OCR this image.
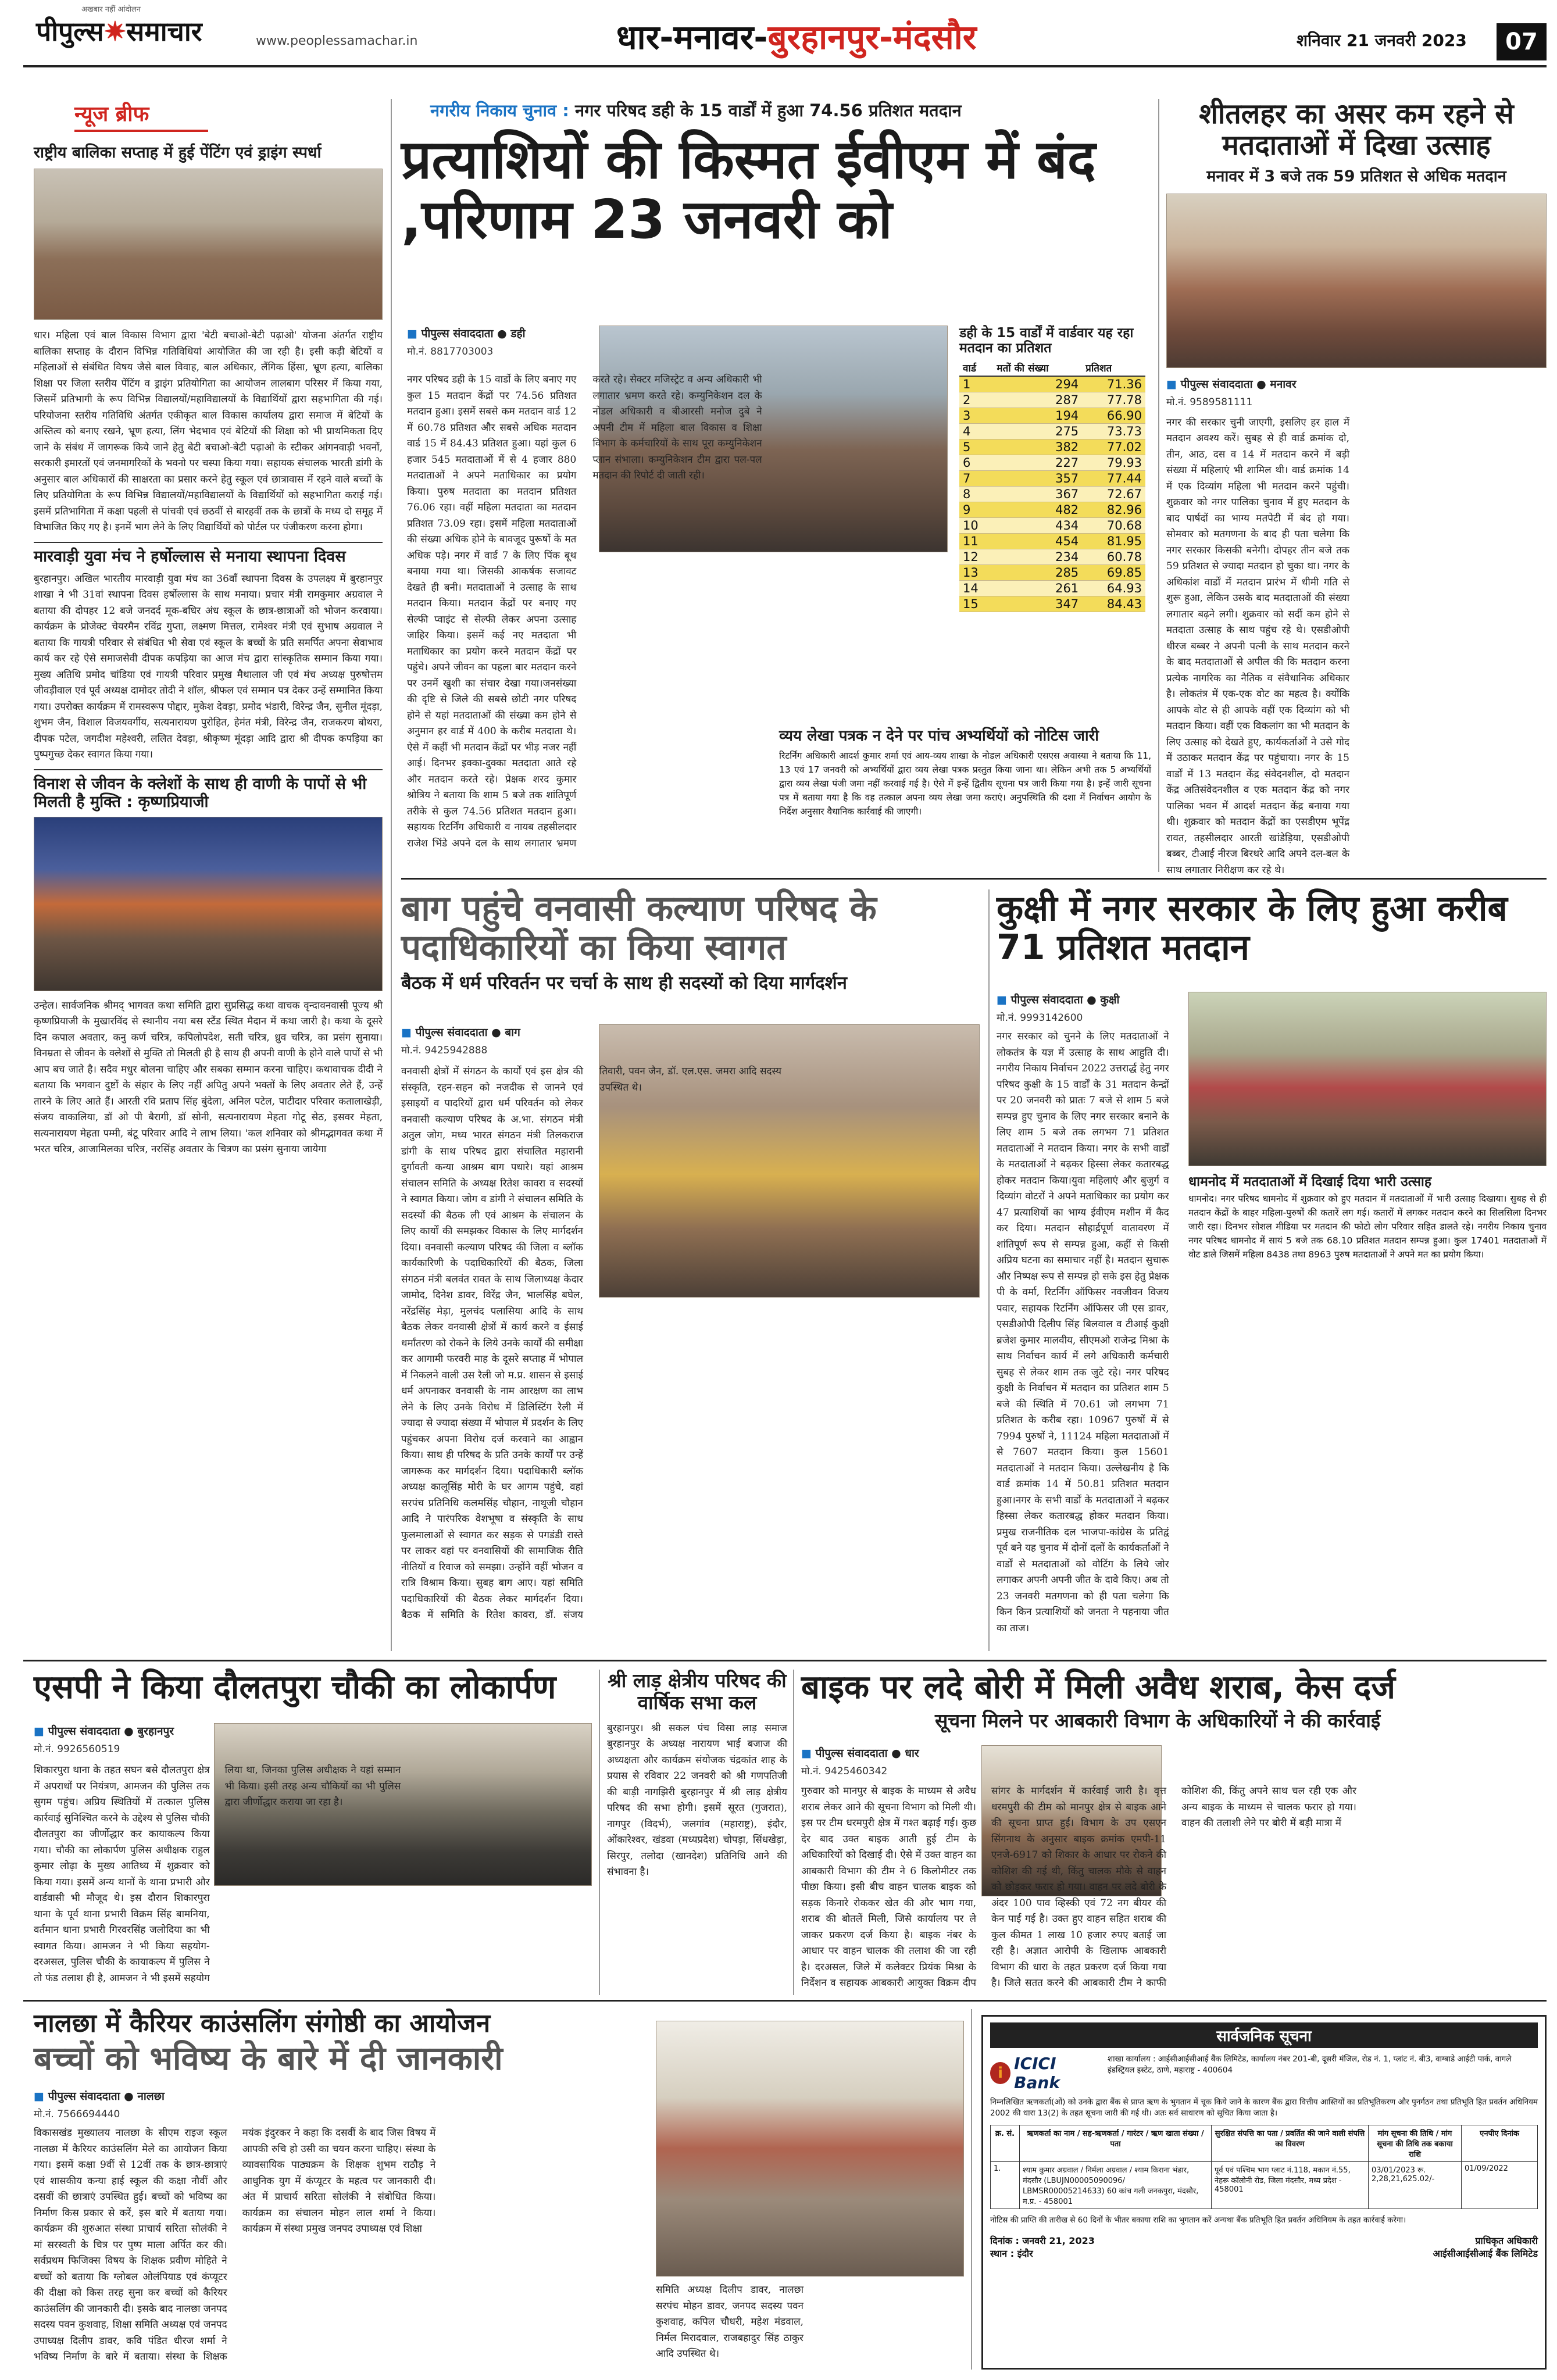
अखबार नहीं आंदोलन
पीपुल्स✷समाचार	www.peoplessamachar.in	धार-मनावर-बुरहानपुर-मंदसौर	शनिवार 21 जनवरी 2023	07
न्यूज ब्रीफ
राष्ट्रीय बालिका सप्ताह में हुई पेंटिंग एवं ड्राइंग स्पर्धा
धार। महिला एवं बाल विकास विभाग द्वारा 'बेटी बचाओ-बेटी पढ़ाओ' योजना अंतर्गत राष्ट्रीय बालिका सप्ताह के दौरान विभिन्न गतिविधियां आयोजित की जा रही है। इसी कड़ी बेटियों व महिलाओं से संबंधित विषय जैसे बाल विवाह, बाल अधिकार, लैंगिक हिंसा, भ्रूण हत्या, बालिका शिक्षा पर जिला स्तरीय पेंटिंग व ड्राइंग प्रतियोगिता का आयोजन लालबाग परिसर में किया गया, जिसमें प्रतिभागी के रूप विभिन्न विद्यालयों/महाविद्यालयों के विद्यार्थियों द्वारा सहभागिता की गई। परियोजना स्तरीय गतिविधि अंतर्गत एकीकृत बाल विकास कार्यालय द्वारा समाज में बेटियों के अस्तित्व को बनाए रखने, भ्रूण हत्या, लिंग भेदभाव एवं बेटियों की शिक्षा को भी प्राथमिकता दिए जाने के संबंध में जागरूक किये जाने हेतु बेटी बचाओ-बेटी पढ़ाओ के स्टीकर आंगनवाड़ी भवनों, सरकारी इमारतों एवं जनमागरिकों के भवनो पर चस्पा किया गया। सहायक संचालक भारती डांगी के अनुसार बाल अधिकारों की साक्षरता का प्रसार करने हेतु स्कूल एवं छात्रावास में रहने वाले बच्चों के लिए प्रतियोगिता के रूप विभिन्न विद्यालयों/महाविद्यालयों के विद्यार्थियों को सहभागिता कराई गई। इसमें प्रतिभागिता में कक्षा पहली से पांचवी एवं छठवीं से बारहवीं तक के छात्रों के मध्य दो समूह में विभाजित किए गए है। इनमें भाग लेने के लिए विद्यार्थियों को पोर्टल पर पंजीकरण करना होगा।
मारवाड़ी युवा मंच ने हर्षोल्लास से मनाया स्थापना दिवस
बुरहानपुर। अखिल भारतीय मारवाड़ी युवा मंच का 36वाँ स्थापना दिवस के उपलक्ष्य में बुरहानपुर शाखा ने भी 31वां स्थापना दिवस हर्षोल्लास के साथ मनाया। प्रचार मंत्री रामकुमार अग्रवाल ने बताया की दोपहर 12 बजे जनदर्द मूक-बधिर अंध स्कूल के छात्र-छात्राओं को भोजन करवाया। कार्यक्रम के प्रोजेक्ट चेयरमैन रविंद्र गुप्ता, लक्ष्मण मित्तल, रामेश्वर मंत्री एवं सुभाष अग्रवाल ने बताया कि गायत्री परिवार से संबंधित भी सेवा एवं स्कूल के बच्चों के प्रति समर्पित अपना सेवाभाव कार्य कर रहे ऐसे समाजसेवी दीपक कपड़िया का आज मंच द्वारा सांस्कृतिक सम्मान किया गया। मुख्य अतिथि प्रमोद चांडिया एवं गायत्री परिवार प्रमुख मैथालाल जी एवं मंच अध्यक्ष पुरुषोत्तम जीवड़ीवाल एवं पूर्व अध्यक्ष दामोदर तोदी ने शॉल, श्रीफल एवं सम्मान पत्र देकर उन्हें सम्मानित किया गया। उपरोक्त कार्यक्रम में रामस्वरूप पोद्दार, मुकेश देवड़ा, प्रमोद भंडारी, विरेन्द्र जैन, सुनील मूंदड़ा, शुभम जैन, विशाल विजयवर्गीय, सत्यनारायण पुरोहित, हेमंत मंत्री, विरेन्द्र जैन, राजकरण बोथरा, दीपक पटेल, जगदीश महेश्वरी, ललित देवड़ा, श्रीकृष्ण मूंदड़ा आदि द्वारा श्री दीपक कपड़िया का पुष्पगुच्छ देकर स्वागत किया गया।
विनाश से जीवन के क्लेशों के साथ ही वाणी के पापों से भी मिलती है मुक्ति : कृष्णप्रियाजी
उन्हेल। सार्वजनिक श्रीमद् भागवत कथा समिति द्वारा सुप्रसिद्ध कथा वाचक वृन्दावनवासी पूज्य श्री कृष्णप्रियाजी के मुखारविंद से स्थानीय नया बस स्टैंड स्थित मैदान में कथा जारी है। कथा के दूसरे दिन कपाल अवतार, कनु कर्ण चरित्र, कपिलोपदेश, सती चरित्र, ध्रुव चरित्र, का प्रसंग सुनाया। विनम्रता से जीवन के क्लेशों से मुक्ति तो मिलती ही है साथ ही अपनी वाणी के होने वाले पापों से भी आप बच जाते है। सदैव मधुर बोलना चाहिए और सबका सम्मान करना चाहिए। कथावाचक दीदी ने बताया कि भगवान दुष्टों के संहार के लिए नहीं अपितु अपने भक्तों के लिए अवतार लेते हैं, उन्हें तारने के लिए आते हैं। आरती रवि प्रताप सिंह बुंदेला, अनिल पटेल, पाटीदार परिवार कतालाखेड़ी, संजय वाकालिया, डॉ ओ पी बैरागी, डॉ सोनी, सत्यनारायण मेहता गोटू सेठ, इसवर मेहता, सत्यनारायण मेहता पम्मी, बंटू परिवार आदि ने लाभ लिया। 'कल शनिवार को श्रीमद्भागवत कथा में भरत चरित्र, आजामिलका चरित्र, नरसिंह अवतार के चित्रण का प्रसंग सुनाया जायेगा
नगरीय निकाय चुनाव : नगर परिषद डही के 15 वार्डों में हुआ 74.56 प्रतिशत मतदान
प्रत्याशियों की किस्मत ईवीएम में बंद ,परिणाम 23 जनवरी को
■ पीपुल्स संवाददाता ● डही
मो.नं. 8817703003
नगर परिषद डही के 15 वार्डो के लिए बनाए गए कुल 15 मतदान केंद्रों पर 74.56 प्रतिशत मतदान हुआ। इसमें सबसे कम मतदान वार्ड 12 में 60.78 प्रतिशत और सबसे अधिक मतदान वार्ड 15 में 84.43 प्रतिशत हुआ। यहां कुल 6 हजार 545 मतदाताओं में से 4 हजार 880 मतदाताओं ने अपने मताधिकार का प्रयोग किया। पुरुष मतदाता का मतदान प्रतिशत 76.06 रहा। वहीं महिला मतदाता का मतदान प्रतिशत 73.09 रहा। इसमें महिला मतदाताओं की संख्या अधिक होने के बावजूद पुरूषों के मत अधिक पड़े। नगर में वार्ड 7 के लिए पिंक बूथ बनाया गया था। जिसकी आकर्षक सजावट देखते ही बनी। मतदाताओं ने उत्साह के साथ मतदान किया। मतदान केंद्रों पर बनाए गए सेल्फी प्वाइंट से सेल्फी लेकर अपना उत्साह जाहिर किया। इसमें कई नए मतदाता भी मताधिकार का प्रयोग करने मतदान केंद्रों पर पहुंचे। अपने जीवन का पहला बार मतदान करने पर उनमें खुशी का संचार देखा गया।जनसंख्या की दृष्टि से जिले की सबसे छोटी नगर परिषद होने से यहां मतदाताओं की संख्या कम होने से अनुमान हर वार्ड में 400 के करीब मतदाता थे। ऐसे में कहीं भी मतदान केंद्रों पर भीड़ नजर नहीं आई। दिनभर इक्का-दुक्का मतदाता आते रहे और मतदान करते रहे। प्रेक्षक शरद कुमार श्रोत्रिय ने बताया कि शाम 5 बजे तक शांतिपूर्ण तरीके से कुल 74.56 प्रतिशत मतदान हुआ। सहायक रिटर्निंग अधिकारी व नायब तहसीलदार राजेश भिंडे अपने दल के साथ लगातार भ्रमण करते रहे। सेक्टर मजिस्ट्रेट व अन्य अधिकारी भी लगातार भ्रमण करते रहे। कम्युनिकेशन दल के नोडल अधिकारी व बीआरसी मनोज दुबे ने अपनी टीम में महिला बाल विकास व शिक्षा विभाग के कर्मचारियों के साथ पूरा कम्युनिकेशन प्लान संभाला। कम्युनिकेशन टीम द्वारा पल-पल मतदान की रिपोर्ट दी जाती रही।
डही के 15 वार्डों में वार्डवार यह रहा मतदान का प्रतिशत
वार्ड	मतों की संख्या	प्रतिशत
1	294	71.36
2	287	77.78
3	194	66.90
4	275	73.73
5	382	77.02
6	227	79.93
7	357	77.44
8	367	72.67
9	482	82.96
10	434	70.68
11	454	81.95
12	234	60.78
13	285	69.85
14	261	64.93
15	347	84.43
व्यय लेखा पत्रक न देने पर पांच अभ्यर्थियों को नोटिस जारी
रिटर्निंग अधिकारी आदर्श कुमार शर्मा एवं आय-व्यय शाखा के नोडल अधिकारी एसएस अवास्या ने बताया कि 11, 13 एवं 17 जनवरी को अभ्यर्थियों द्वारा व्यय लेखा पत्रक प्रस्तुत किया जाना था। लेकिन अभी तक 5 अभ्यर्थियों द्वारा व्यय लेखा पंजी जमा नहीं करवाई गई है। ऐसे में इन्हें द्वितीय सूचना पत्र जारी किया गया है। इन्हें जारी सूचना पत्र में बताया गया है कि वह तत्काल अपना व्यय लेखा जमा कराएं। अनुपस्थिति की दशा में निर्वाचन आयोग के निर्देश अनुसार वैधानिक कार्रवाई की जाएगी।
शीतलहर का असर कम रहने से मतदाताओं में दिखा उत्साह
मनावर में 3 बजे तक 59 प्रतिशत से अधिक मतदान
■ पीपुल्स संवाददाता ● मनावर
मो.नं. 9589581111
नगर की सरकार चुनी जाएगी, इसलिए हर हाल में मतदान अवश्य करें। सुबह से ही वार्ड क्रमांक दो, तीन, आठ, दस व 14 में मतदान करने में बड़ी संख्या में महिलाएं भी शामिल थी। वार्ड क्रमांक 14 में एक दिव्यांग महिला भी मतदान करने पहुंची। शुक्रवार को नगर पालिका चुनाव में हुए मतदान के बाद पार्षदों का भाग्य मतपेटी में बंद हो गया। सोमवार को मतगणना के बाद ही पता चलेगा कि नगर सरकार किसकी बनेगी। दोपहर तीन बजे तक 59 प्रतिशत से ज्यादा मतदान हो चुका था। नगर के अधिकांश वार्डों में मतदान प्रारंभ में धीमी गति से शुरू हुआ, लेकिन उसके बाद मतदाताओं की संख्या लगातार बढ़ने लगी। शुक्रवार को सर्दी कम होने से मतदाता उत्साह के साथ पहुंच रहे थे। एसडीओपी धीरज बब्बर ने अपनी पत्नी के साथ मतदान करने के बाद मतदाताओं से अपील की कि मतदान करना प्रत्येक नागरिक का नैतिक व संवैधानिक अधिकार है। लोकतंत्र में एक-एक वोट का महत्व है। क्योंकि आपके वोट से ही आपके वहीं एक दिव्यांग को भी मतदान किया। वहीं एक विकलांग का भी मतदान के लिए उत्साह को देखते हुए, कार्यकर्ताओं ने उसे गोद में उठाकर मतदान केंद्र पर पहुंचाया। नगर के 15 वार्डों में 13 मतदान केंद्र संवेदनशील, दो मतदान केंद्र अतिसंवेदनशील व एक मतदान केंद्र को नगर पालिका भवन में आदर्श मतदान केंद्र बनाया गया थी। शुक्रवार को मतदान केंद्रों का एसडीएम भूपेंद्र रावत, तहसीलदार आरती खांडेड़िया, एसडीओपी बब्बर, टीआई नीरज बिरथरे आदि अपने दल-बल के साथ लगातार निरीक्षण कर रहे थे।
बाग पहुंचे वनवासी कल्याण परिषद के पदाधिकारियों का किया स्वागत
बैठक में धर्म परिवर्तन पर चर्चा के साथ ही सदस्यों को दिया मार्गदर्शन
■ पीपुल्स संवाददाता ● बाग
मो.नं. 9425942888
वनवासी क्षेत्रों में संगठन के कार्यों एवं इस क्षेत्र की संस्कृति, रहन-सहन को नजदीक से जानने एवं इसाइयों व पादरियों द्वारा धर्म परिवर्तन को लेकर वनवासी कल्याण परिषद के अ.भा. संगठन मंत्री अतुल जोग, मध्य भारत संगठन मंत्री तिलकराज डांगी के साथ परिषद द्वारा संचालित महारानी दुर्गावती कन्या आश्रम बाग पधारे। यहां आश्रम संचालन समिति के अध्यक्ष रितेश कावरा व सदस्यों ने स्वागत किया। जोग व डांगी ने संचालन समिति के सदस्यों की बैठक ली एवं आश्रम के संचालन के लिए कार्यों की समझकर विकास के लिए मार्गदर्शन दिया। वनवासी कल्याण परिषद की जिला व ब्लॉक कार्यकारिणी के पदाधिकारियों की बैठक, जिला संगठन मंत्री बलवंत रावत के साथ जिलाध्यक्ष केदार जामोद, दिनेश डावर, विरेंद्र जैन, भालसिंह बघेल, नरेंद्रसिंह मेड़ा, मुलचंद पलासिया आदि के साथ बैठक लेकर वनवासी क्षेत्रों में कार्य करने व ईसाई धर्मांतरण को रोकने के लिये उनके कार्यों की समीक्षा कर आगामी फरवरी माह के दूसरे सप्ताह में भोपाल में निकलने वाली उस रैली जो म.प्र. शासन से इसाई धर्म अपनाकर वनवासी के नाम आरक्षण का लाभ लेने के लिए उनके विरोध में डिलिस्टिंग रैली में ज्यादा से ज्यादा संख्या में भोपाल में प्रदर्शन के लिए पहुंचकर अपना विरोध दर्ज करवाने का आह्वान किया। साथ ही परिषद के प्रति उनके कार्यों पर उन्हें जागरूक कर मार्गदर्शन दिया। पदाधिकारी ब्लॉक अध्यक्ष कालूसिंह मोरी के घर आगम पहुंचे, वहां सरपंच प्रतिनिधि कलमसिंह चौहान, नाथूजी चौहान आदि ने पारंपरिक वेशभूषा व संस्कृति के साथ फुलमालाओं से स्वागत कर सड़क से पगडंडी रास्ते पर लाकर वहां पर वनवासियों की सामाजिक रीति नीतियों व रिवाज को समझा। उन्होंने वहीं भोजन व रात्रि विश्राम किया। सुबह बाग आए। यहां समिति पदाधिकारियों की बैठक लेकर मार्गदर्शन दिया। बैठक में समिति के रितेश कावरा, डॉ. संजय तिवारी, पवन जैन, डॉ. एल.एस. जमरा आदि सदस्य उपस्थित थे।
कुक्षी में नगर सरकार के लिए हुआ करीब 71 प्रतिशत मतदान
■ पीपुल्स संवाददाता ● कुक्षी
मो.नं. 9993142600
धामनोद में मतदाताओं में दिखाई दिया भारी उत्साह
धामनोद। नगर परिषद धामनोद में शुक्रवार को हुए मतदान में मतदाताओं में भारी उत्साह दिखाया। सुबह से ही मतदान केंद्रों के बाहर महिला-पुरुषों की कतारें लग गई। कतारों में लगकर मतदान करने का सिलसिला दिनभर जारी रहा। दिनभर सोशल मीडिया पर मतदान की फोटो लोग परिवार सहित डालते रहे। नगरीय निकाय चुनाव नगर परिषद धामनोद में सायं 5 बजे तक 68.10 प्रतिशत मतदान सम्पन्न हुआ। कुल 17401 मतदाताओं में वोट डाले जिसमें महिला 8438 तथा 8963 पुरुष मतदाताओं ने अपने मत का प्रयोग किया।
नगर सरकार को चुनने के लिए मतदाताओं ने लोकतंत्र के यज्ञ में उत्साह के साथ आहुति दी। नगरीय निकाय निर्वाचन 2022 उत्तरार्द्ध हेतु नगर परिषद कुक्षी के 15 वार्डों के 31 मतदान केन्द्रों पर 20 जनवरी को प्रातः 7 बजे से शाम 5 बजे सम्पन्न हुए चुनाव के लिए नगर सरकार बनाने के लिए शाम 5 बजे तक लगभग 71 प्रतिशत मतदाताओं ने मतदान किया। नगर के सभी वार्डों के मतदाताओं ने बढ़कर हिस्सा लेकर कतारबद्ध होकर मतदान किया।युवा महिलाएं और बुजुर्ग व दिव्यांग वोटरों ने अपने मताधिकार का प्रयोग कर 47 प्रत्याशियों का भाग्य ईवीएम मशीन में कैद कर दिया। मतदान सौहार्द्रपूर्ण वातावरण में शांतिपूर्ण रूप से सम्पन्न हुआ, कहीं से किसी अप्रिय घटना का समाचार नहीं है। मतदान सुचारू और निष्पक्ष रूप से सम्पन्न हो सके इस हेतु प्रेक्षक पी के वर्मा, रिटर्निंग ऑफिसर नवजीवन विजय पवार, सहायक रिटर्निंग ऑफिसर जी एस डावर, एसडीओपी दिलीप सिंह बिलवाल व टीआई कुक्षी ब्रजेश कुमार मालवीय, सीएमओ राजेन्द्र मिश्रा के साथ निर्वाचन कार्य में लगे अधिकारी कर्मचारी सुबह से लेकर शाम तक जुटे रहे। नगर परिषद कुक्षी के निर्वाचन में मतदान का प्रतिशत शाम 5 बजे की स्थिति में 70.61 जो लगभग 71 प्रतिशत के करीब रहा। 10967 पुरुषों में से 7994 पुरुषों ने, 11124 महिला मतदाताओं में से 7607 मतदान किया। कुल 15601 मतदाताओं ने मतदान किया। उल्लेखनीय है कि वार्ड क्रमांक 14 में 50.81 प्रतिशत मतदान हुआ।नगर के सभी वार्डों के मतदाताओं ने बढ़कर हिस्सा लेकर कतारबद्ध होकर मतदान किया। प्रमुख राजनीतिक दल भाजपा-कांग्रेस के प्रतिद्वं पूर्व बने यह चुनाव में दोनों दलों के कार्यकर्ताओं ने वार्डों से मतदाताओं को वोटिंग के लिये जोर लगाकर अपनी अपनी जीत के दावे किए। अब तो 23 जनवरी मतगणना को ही पता चलेगा कि किन किन प्रत्याशियों को जनता ने पहनाया जीत का ताज।
एसपी ने किया दौलतपुरा चौकी का लोकार्पण
■ पीपुल्स संवाददाता ● बुरहानपुर
मो.नं. 9926560519
शिकारपुरा थाना के तहत सघन बसे दौलतपुरा क्षेत्र में अपराधों पर नियंत्रण, आमजन की पुलिस तक सुगम पहुंच। अप्रिय स्थितियों में तत्काल पुलिस कार्रवाई सुनिश्चित करने के उद्देश्य से पुलिस चौकी दौलतपुरा का जीर्णोद्धार कर कायाकल्प किया गया। चौकी का लोकार्पण पुलिस अधीक्षक राहुल कुमार लोढ़ा के मुख्य आतिथ्य में शुक्रवार को किया गया। इसमें अन्य थानों के थाना प्रभारी और वार्डवासी भी मौजूद थे। इस दौरान शिकारपुरा थाना के पूर्व थाना प्रभारी विक्रम सिंह बामनिया, वर्तमान थाना प्रभारी गिरवरसिंह जलोदिया का भी स्वागत किया। आमजन ने भी किया सहयोग- दरअसल, पुलिस चौकी के कायाकल्प में पुलिस ने तो फंड तलाश ही है, आमजन ने भी इसमें सहयोग लिया था, जिनका पुलिस अधीक्षक ने यहां सम्मान भी किया। इसी तरह अन्य चौकियों का भी पुलिस द्वारा जीर्णोद्धार कराया जा रहा है।
श्री लाड़ क्षेत्रीय परिषद की वार्षिक सभा कल
बुरहानपुर। श्री सकल पंच विसा लाड़ समाज बुरहानपुर के अध्यक्ष नारायण भाई बजाज की अध्यक्षता और कार्यक्रम संयोजक चंद्रकांत शाह के प्रयास से रविवार 22 जनवरी को श्री गणपतिजी की बाड़ी नागझिरी बुरहानपुर में श्री लाड़ क्षेत्रीय परिषद की सभा होगी। इसमें सूरत (गुजरात), नागपुर (विदर्भ), जलगांव (महाराष्ट्र), इंदौर, ओंकारेश्वर, खंडवा (मध्यप्रदेश) चोपड़ा, सिंधखेड़ा, सिरपुर, तलोदा (खानदेश) प्रतिनिधि आने की संभावना है।
बाइक पर लदे बोरी में मिली अवैध शराब, केस दर्ज
सूचना मिलने पर आबकारी विभाग के अधिकारियों ने की कार्रवाई
■ पीपुल्स संवाददाता ● धार
मो.नं. 9425460342
गुरुवार को मानपुर से बाइक के माध्यम से अवैध शराब लेकर आने की सूचना विभाग को मिली थी। इस पर टीम धरमपुरी क्षेत्र में गश्त बढ़ाई गई। कुछ देर बाद उक्त बाइक आती हुई टीम के अधिकारियों को दिखाई दी। ऐसे में उक्त वाहन का आबकारी विभाग की टीम ने 6 किलोमीटर तक पीछा किया। इसी बीच वाहन चालक बाइक को सड़क किनारे रोककर खेत की और भाग गया, शराब की बोतलें मिली, जिसे कार्यालय पर ले जाकर प्रकरण दर्ज किया है। बाइक नंबर के आधार पर वाहन चालक की तलाश की जा रही है। दरअसल, जिले में कलेक्टर प्रियंक मिश्रा के निर्देशन व सहायक आबकारी आयुक्त विक्रम दीप सांगर के मार्गदर्शन में कार्रवाई जारी है। वृत्त धरमपुरी की टीम को मानपुर क्षेत्र से बाइक आने की सूचना प्राप्त हुई। विभाग के उप एसएन सिंगनाथ के अनुसार बाइक क्रमांक एमपी-11 एनजे-6917 को शिकार के आधार पर रोकने की कोशिश की गई थी, किंतु चालक मौके से वाहन को छोड़कर फरार हो गया। वाहन पर लदे बोरी के अंदर 100 पाव व्हिस्की एवं 72 नग बीयर की केन पाई गई है। उक्त हुए वाहन सहित शराब की कुल कीमत 1 लाख 10 हजार रुपए बताई जा रही है। अज्ञात आरोपी के खिलाफ आबकारी विभाग की धारा के तहत प्रकरण दर्ज किया गया है। जिले सतत करने की आबकारी टीम ने काफी कोशिश की, किंतु अपने साथ चल रही एक और अन्य बाइक के माध्यम से चालक फरार हो गया। वाहन की तलाशी लेने पर बोरी में बड़ी मात्रा में
नालछा में कैरियर काउंसलिंग संगोष्ठी का आयोजन
बच्चों को भविष्य के बारे में दी जानकारी
■ पीपुल्स संवाददाता ● नालछा
मो.नं. 7566694440
विकासखंड मुख्यालय नालछा के सीएम राइज स्कूल नालछा में कैरियर काउंसलिंग मेले का आयोजन किया गया। इसमें कक्षा 9वीं से 12वीं तक के छात्र-छात्राएं एवं शासकीय कन्या हाई स्कूल की कक्षा नौवीं और दसवीं की छात्राएं उपस्थित हुई। बच्चों को भविष्य का निर्माण किस प्रकार से करें, इस बारे में बताया गया। कार्यक्रम की शुरुआत संस्था प्राचार्य सरिता सोलंकी ने मां सरस्वती के चित्र पर पुष्प माला अर्पित कर की। सर्वप्रथम फिजिक्स विषय के शिक्षक प्रवीण मोहिते ने बच्चों को बताया कि ग्लोबल ओलंपियाड एवं कंप्यूटर की दीक्षा को किस तरह सुना कर बच्चों को कैरियर काउंसलिंग की जानकारी दी। इसके बाद नालछा जनपद सदस्य पवन कुशवाह, शिक्षा समिति अध्यक्ष एवं जनपद उपाध्यक्ष दिलीप डावर, कवि पंडित धीरज शर्मा ने भविष्य निर्माण के बारे में बताया। संस्था के शिक्षक मयंक इंदुरकर ने कहा कि दसवीं के बाद जिस विषय में आपकी रुचि हो उसी का चयन करना चाहिए। संस्था के व्यावसायिक पाठ्यक्रम के शिक्षक शुभम राठौड़ ने आधुनिक युग में कंप्यूटर के महत्व पर जानकारी दी। अंत में प्राचार्य सरिता सोलंकी ने संबोधित किया। कार्यक्रम का संचालन मोहन लाल शर्मा ने किया। कार्यक्रम में संस्था प्रमुख जनपद उपाध्यक्ष एवं शिक्षा
समिति अध्यक्ष दिलीप डावर, नालछा सरपंच मोहन डावर, जनपद सदस्य पवन कुशवाह, कपिल चौधरी, महेश मंडवाल, निर्मल मिरादवाल, राजबहादुर सिंह ठाकुर आदि उपस्थित थे।
सार्वजनिक सूचना
i ICICI Bank
शाखा कार्यालय : आईसीआईसीआई बैंक लिमिटेड, कार्यालय नंबर 201-बी, दूसरी मंजिल, रोड नं. 1, प्लांट नं. बी3, वाग्बाडे आईटी पार्क, वागले इंडस्ट्रियल इस्टेट, ठाणे, महाराष्ट्र - 400604
निम्नलिखित ऋणकर्ता(ओं) को उनके द्वारा बैंक से प्राप्त ऋण के भुगतान में चूक किये जाने के कारण बैंक द्वारा वित्तीय आस्तियों का प्रतिभूतिकरण और पुनर्गठन तथा प्रतिभूति हित प्रवर्तन अधिनियम 2002 की धारा 13(2) के तहत सूचना जारी की गई थी। अतः सर्व साधारण को सूचित किया जाता है।
क्र. सं.	ऋणकर्ता का नाम / सह-ऋणकर्ता / गारंटर / ऋण खाता संख्या / पता	सुरक्षित संपत्ति का पता / प्रवर्तित की जाने वाली संपत्ति का विवरण	मांग सूचना की तिथि / मांग सूचना की तिथि तक बकाया राशि	एनपीए दिनांक
1.	श्याम कुमार अग्रवाल / निर्मला अग्रवाल / श्याम किराना भंडार, मंदसौर (LBUJN00005090096/ LBMSR00005214633) 60 कांच गली जनकपुरा, मंदसौर, म.प्र. - 458001	पूर्व एवं पश्चिम भाग प्लाट नं.118, मकान नं.55, नेहरू कॉलोनी रोड, जिला मंदसौर, मध्य प्रदेश - 458001	03/01/2023 रू. 2,28,21,625.02/-	01/09/2022
नोटिस की प्राप्ति की तारीख से 60 दिनों के भीतर बकाया राशि का भुगतान करें अन्यथा बैंक प्रतिभूति हित प्रवर्तन अधिनियम के तहत कार्रवाई करेगा।
दिनांक : जनवरी 21, 2023
स्थान : इंदौर
प्राधिकृत अधिकारी
आईसीआईसीआई बैंक लिमिटेड
